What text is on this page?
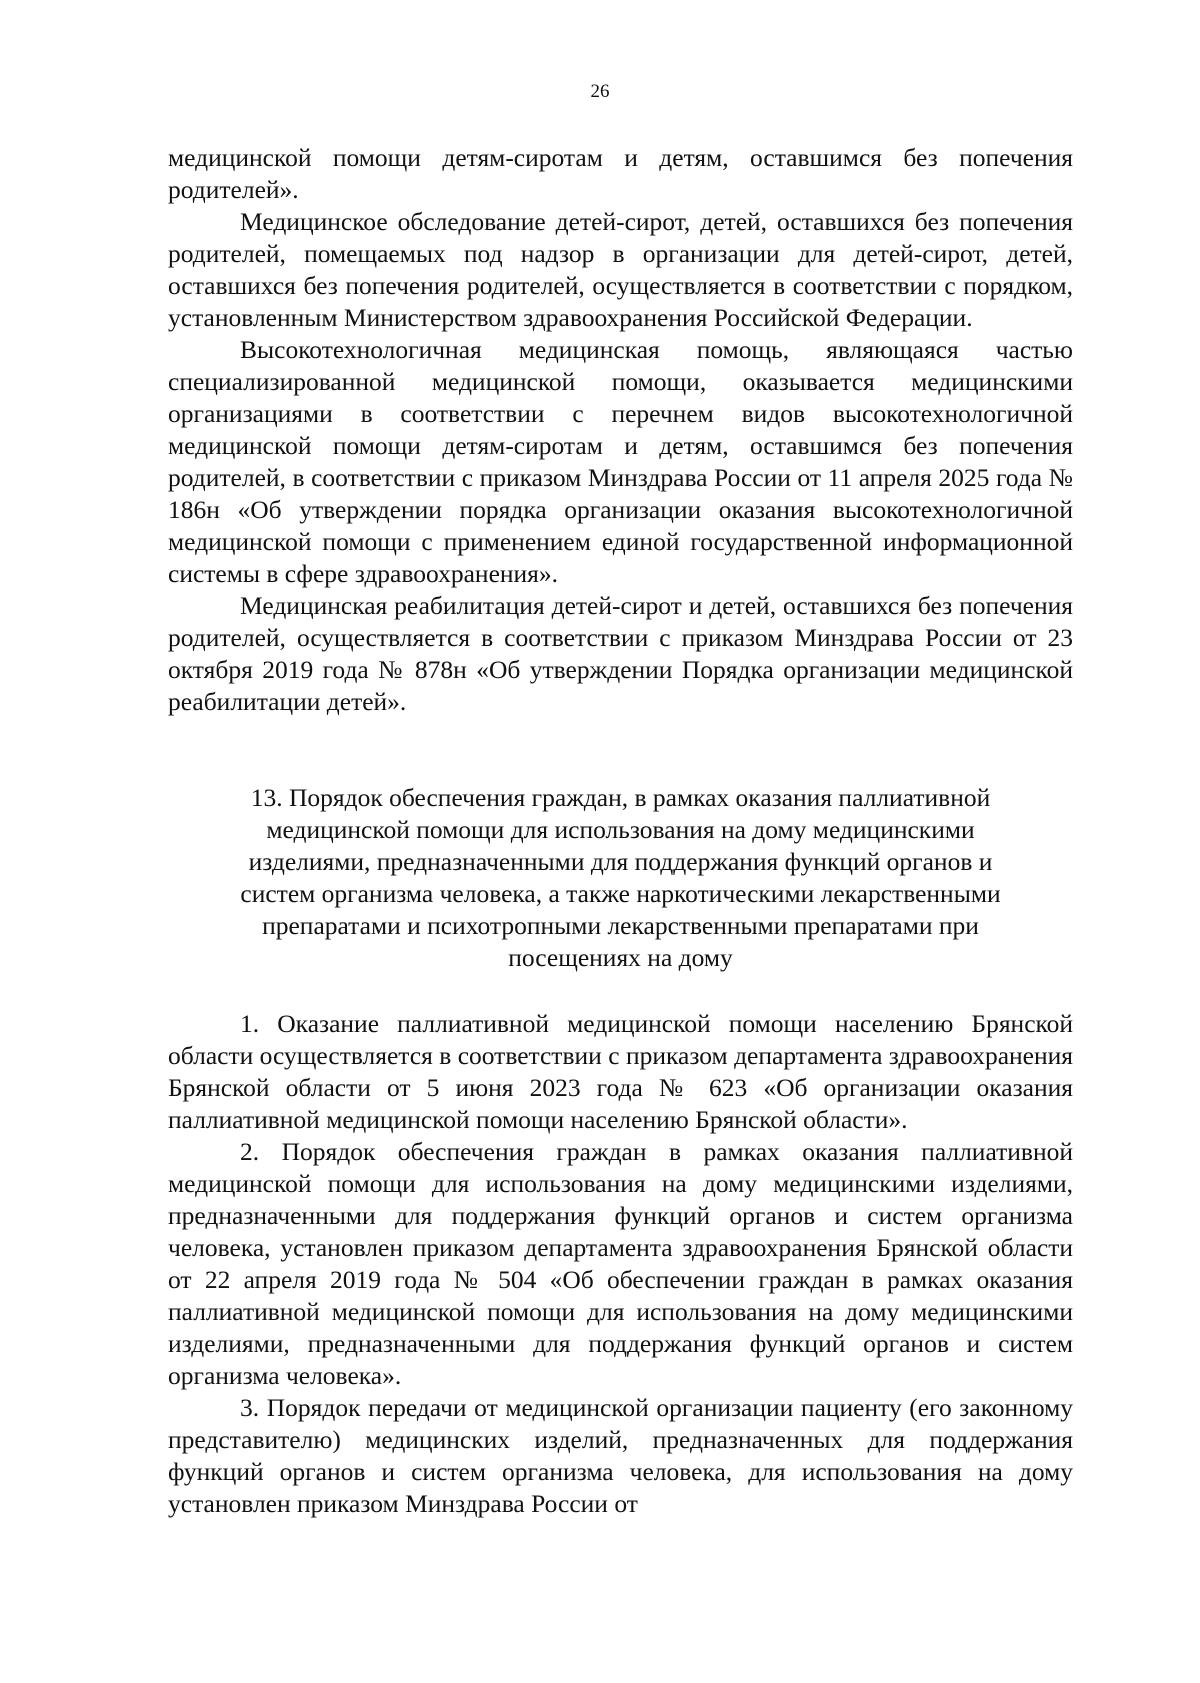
26

медицинской помощи детям-сиротам и детям, оставшимся без попечения родителей».

Медицинское обследование детей-сирот, детей, оставшихся без попечения родителей, помещаемых под надзор в организации для детей-сирот, детей, оставшихся без попечения родителей, осуществляется в соответствии с порядком, установленным Министерством здравоохранения Российской Федерации.

Высокотехнологичная медицинская помощь, являющаяся частью специализированной медицинской помощи, оказывается медицинскими организациями в соответствии с перечнем видов высокотехнологичной медицинской помощи детям-сиротам и детям, оставшимся без попечения родителей, в соответствии с приказом Минздрава России от 11 апреля 2025 года № 186н «Об утверждении порядка организации оказания высокотехнологичной медицинской помощи с применением единой государственной информационной системы в сфере здравоохранения».

Медицинская реабилитация детей-сирот и детей, оставшихся без попечения родителей, осуществляется в соответствии с приказом Минздрава России от 23 октября 2019 года № 878н «Об утверждении Порядка организации медицинской реабилитации детей».

13. Порядок обеспечения граждан, в рамках оказания паллиативной
медицинской помощи для использования на дому медицинскими
изделиями, предназначенными для поддержания функций органов и
систем организма человека, а также наркотическими лекарственными
препаратами и психотропными лекарственными препаратами при
посещениях на дому

1. Оказание паллиативной медицинской помощи населению Брянской области осуществляется в соответствии с приказом департамента здравоохранения Брянской области от 5 июня 2023 года № 623 «Об организации оказания паллиативной медицинской помощи населению Брянской области».

2. Порядок обеспечения граждан в рамках оказания паллиативной медицинской помощи для использования на дому медицинскими изделиями, предназначенными для поддержания функций органов и систем организма человека, установлен приказом департамента здравоохранения Брянской области от 22 апреля 2019 года № 504 «Об обеспечении граждан в рамках оказания паллиативной медицинской помощи для использования на дому медицинскими изделиями, предназначенными для поддержания функций органов и систем организма человека».

3. Порядок передачи от медицинской организации пациенту (его законному представителю) медицинских изделий, предназначенных для поддержания функций органов и систем организма человека, для использования на дому установлен приказом Минздрава России от
